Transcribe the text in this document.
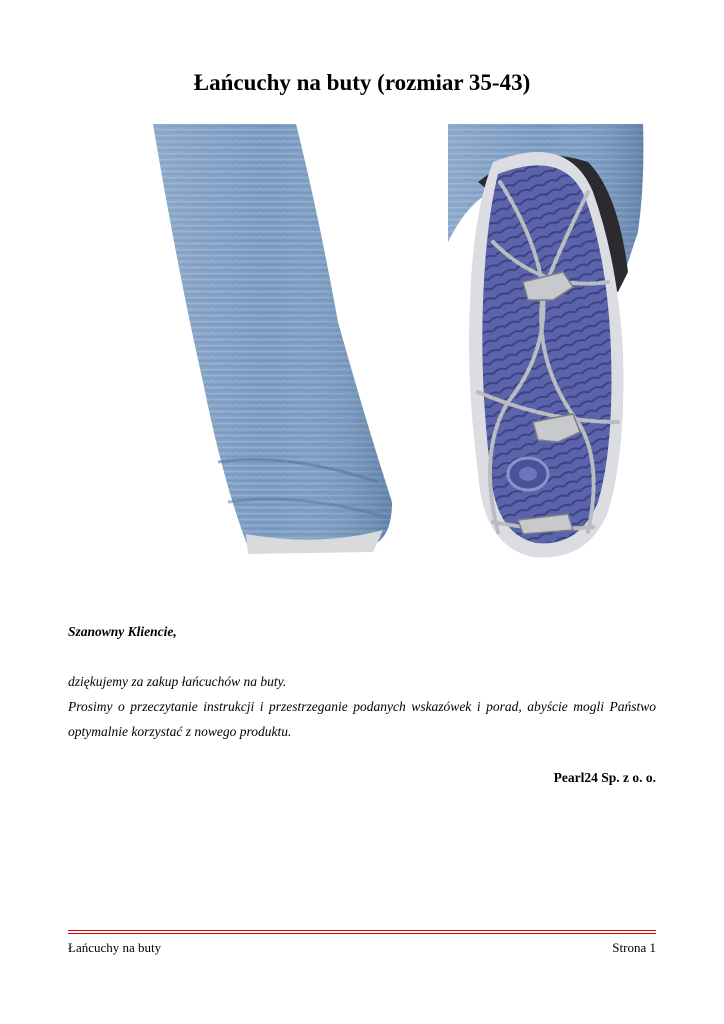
Łańcuchy na buty (rozmiar 35-43)

Szanowny Kliencie,

dziękujemy za zakup łańcuchów na buty.

Prosimy o przeczytanie instrukcji i przestrzeganie podanych wskazówek i porad, abyście mogli Państwo optymalnie korzystać z nowego produktu.

Pearl24 Sp. z o. o.

Łańcuchy na buty	Strona 1
